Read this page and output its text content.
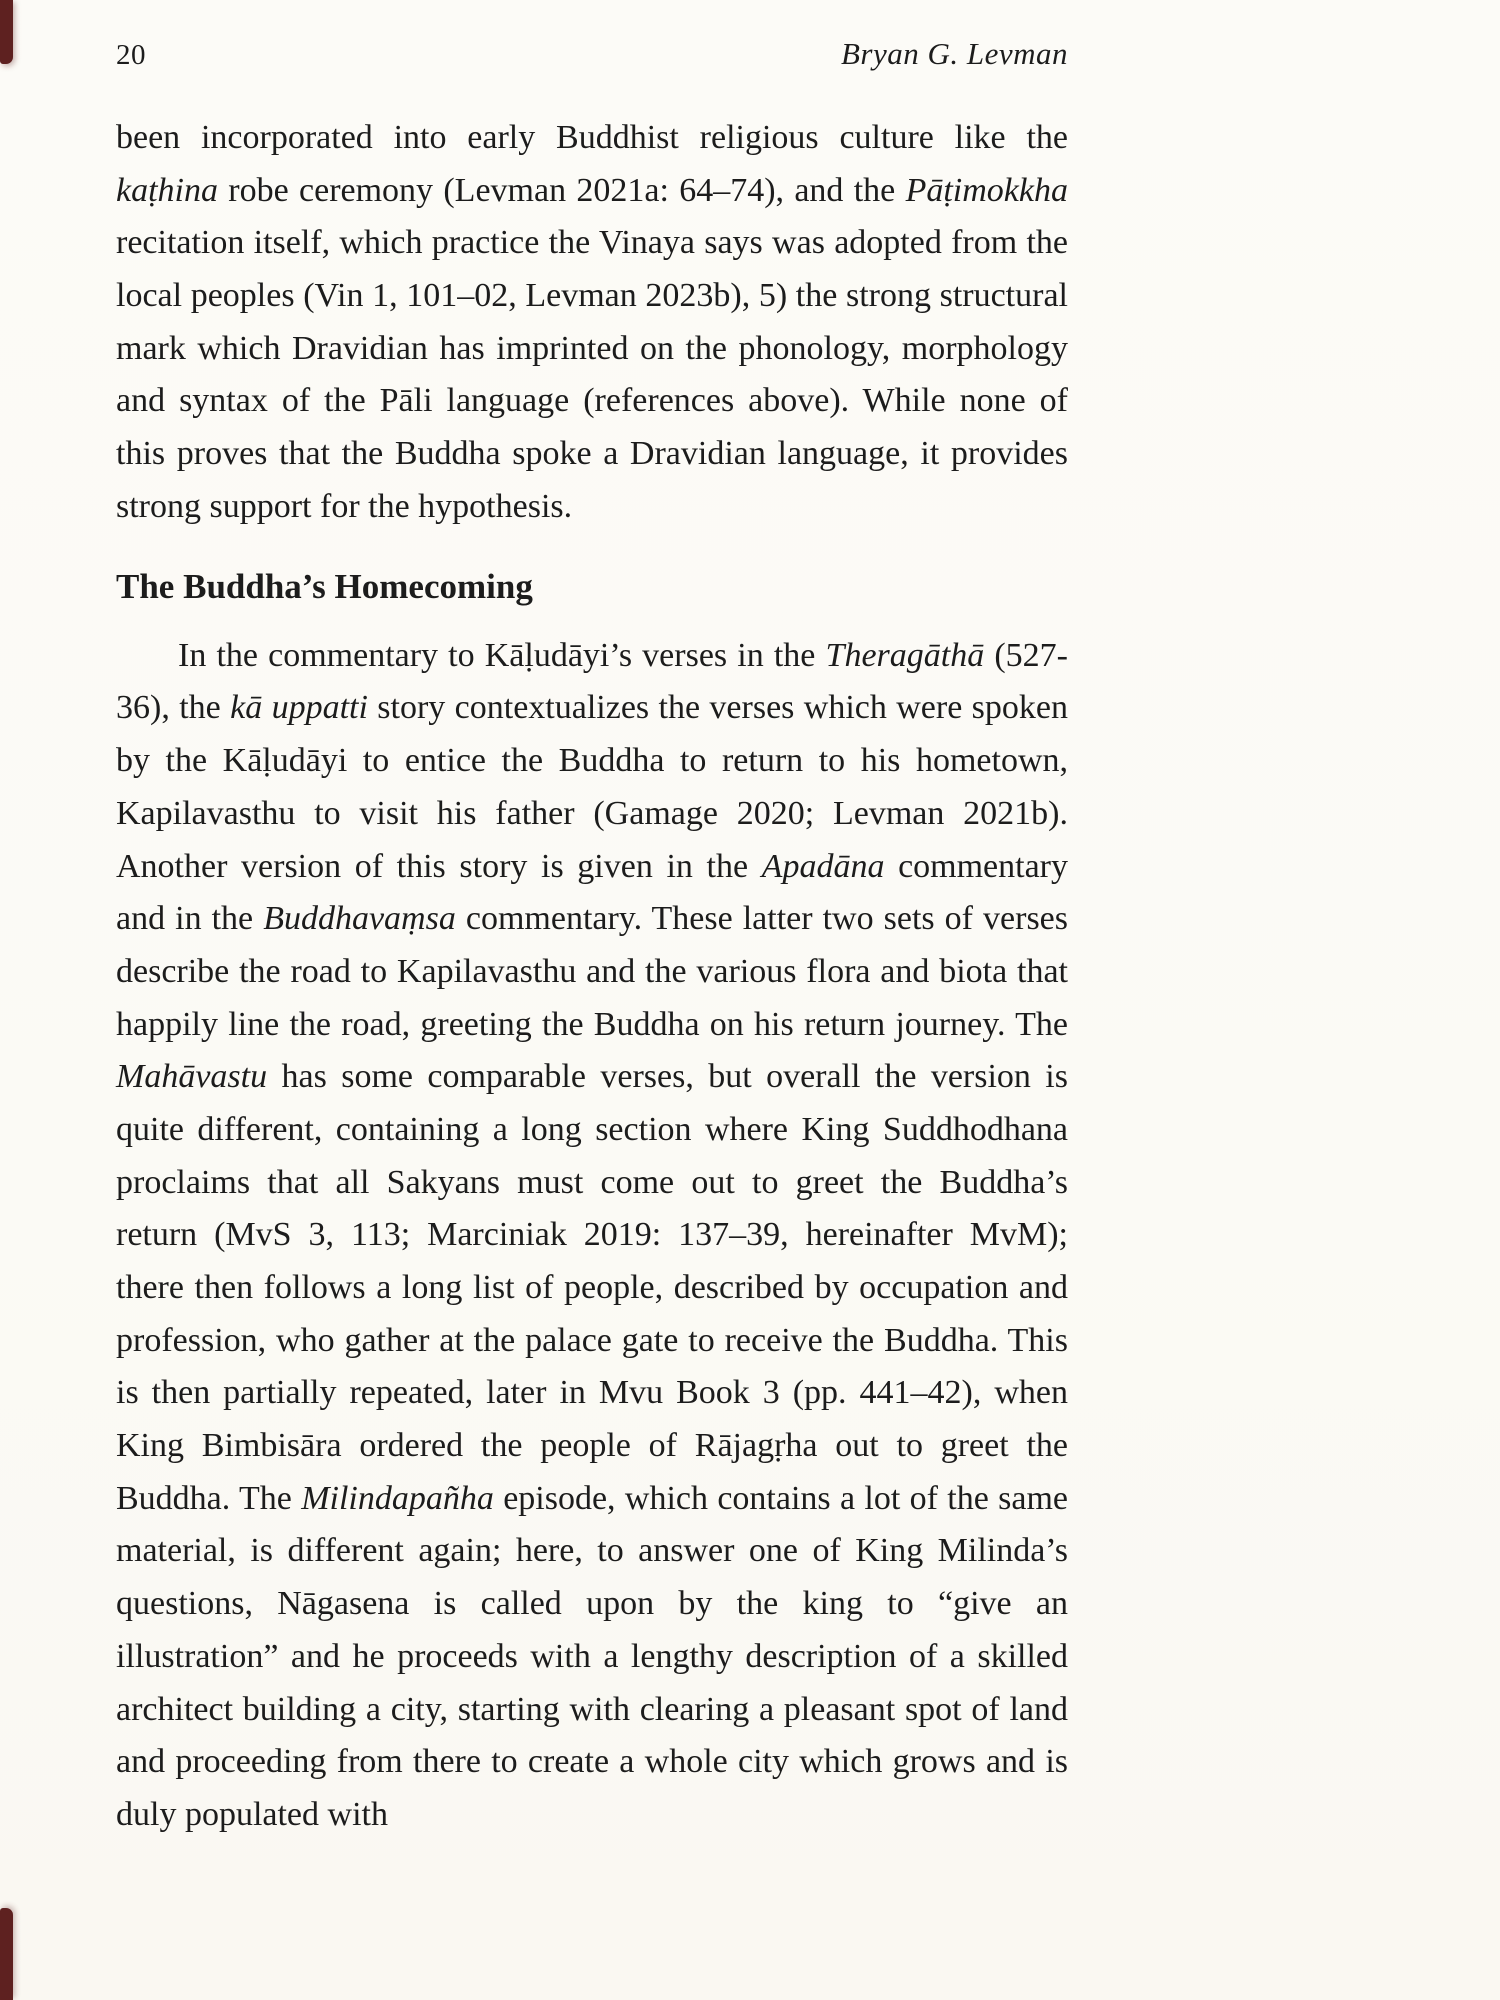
20	Bryan G. Levman

been incorporated into early Buddhist religious culture like the kaṭhina robe ceremony (Levman 2021a: 64–74), and the Pāṭimokkha recitation itself, which practice the Vinaya says was adopted from the local peoples (Vin 1, 101–02, Levman 2023b), 5) the strong structural mark which Dravidian has imprinted on the phonology, morphology and syntax of the Pāli language (references above). While none of this proves that the Buddha spoke a Dravidian language, it provides strong support for the hypothesis.

The Buddha’s Homecoming

In the commentary to Kāḷudāyi’s verses in the Theragāthā (527-36), the kā uppatti story contextualizes the verses which were spoken by the Kāḷudāyi to entice the Buddha to return to his hometown, Kapilavasthu to visit his father (Gamage 2020; Levman 2021b). Another version of this story is given in the Apadāna commentary and in the Buddhavaṃsa commentary. These latter two sets of verses describe the road to Kapilavasthu and the various flora and biota that happily line the road, greeting the Buddha on his return journey. The Mahāvastu has some comparable verses, but overall the version is quite different, containing a long section where King Suddhodhana proclaims that all Sakyans must come out to greet the Buddha’s return (MvS 3, 113; Marciniak 2019: 137–39, hereinafter MvM); there then follows a long list of people, described by occupation and profession, who gather at the palace gate to receive the Buddha. This is then partially repeated, later in Mvu Book 3 (pp. 441–42), when King Bimbisāra ordered the people of Rājagṛha out to greet the Buddha. The Milindapañha episode, which contains a lot of the same material, is different again; here, to answer one of King Milinda’s questions, Nāgasena is called upon by the king to “give an illustration” and he proceeds with a lengthy description of a skilled architect building a city, starting with clearing a pleasant spot of land and proceeding from there to create a whole city which grows and is duly populated with
